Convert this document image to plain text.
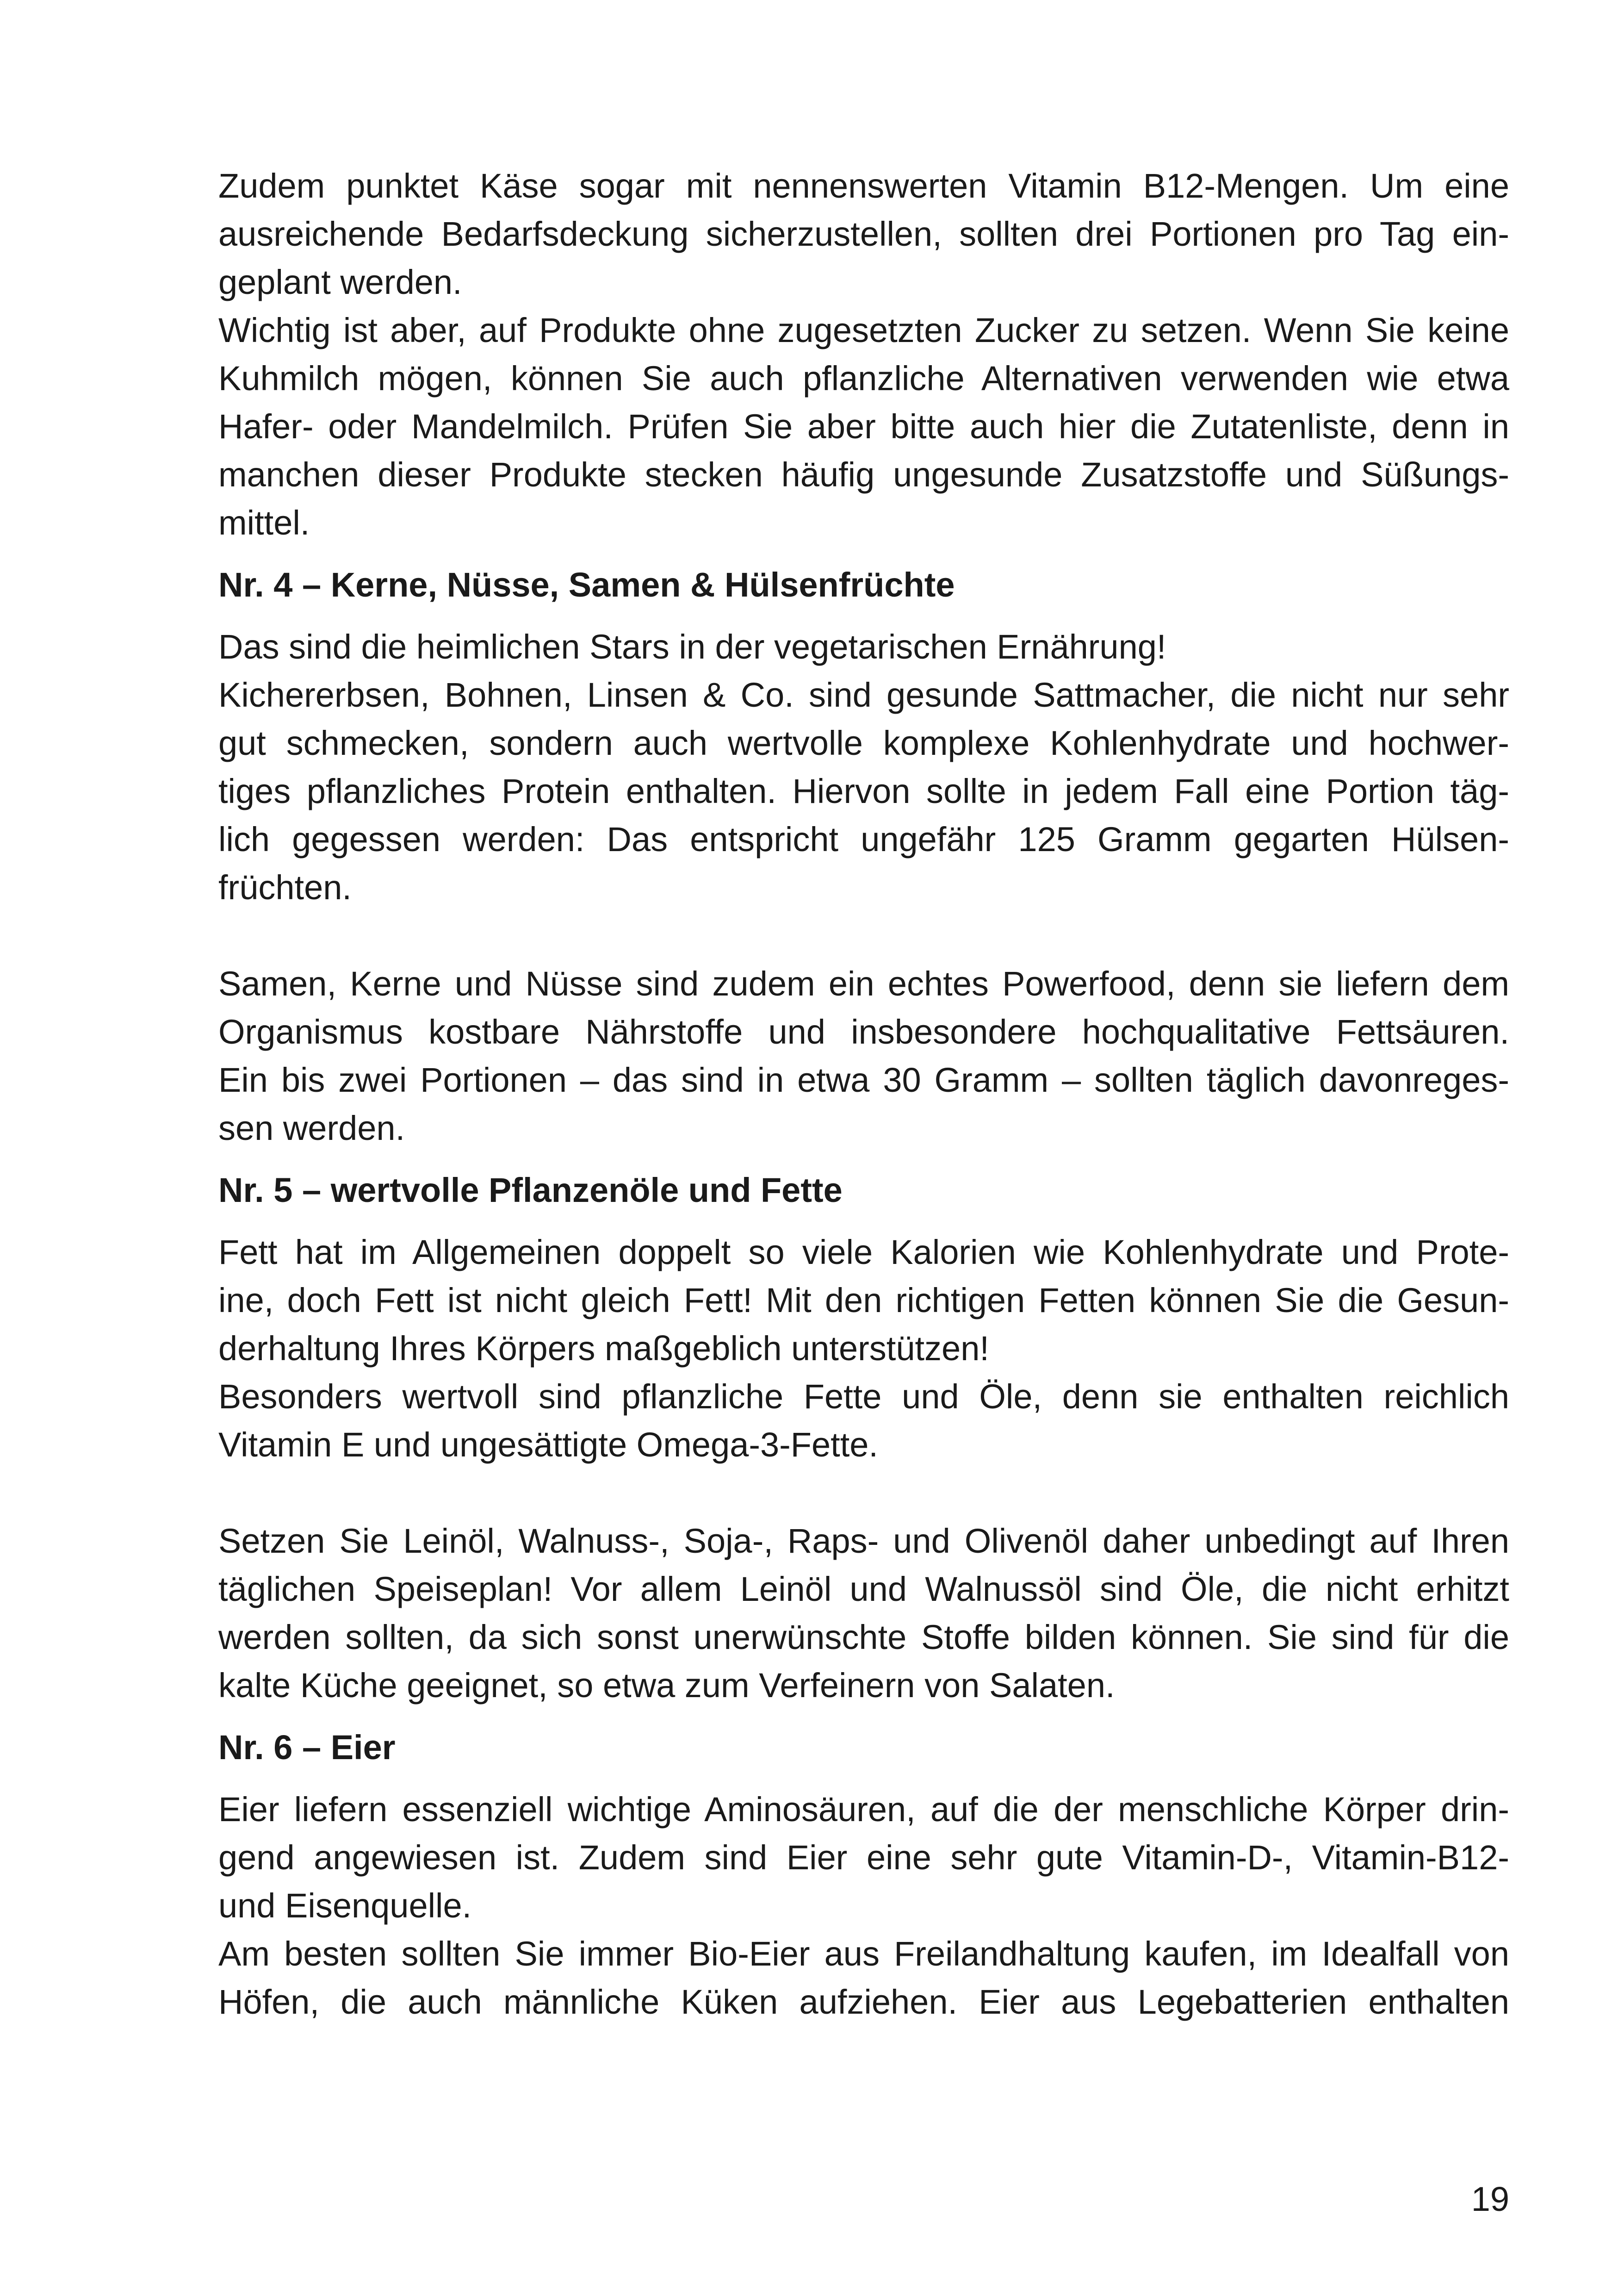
Zudem punktet Käse sogar mit nennenswerten Vitamin B12-Mengen. Um eine
ausreichende Bedarfsdeckung sicherzustellen, sollten drei Portionen pro Tag ein-
geplant werden.

Wichtig ist aber, auf Produkte ohne zugesetzten Zucker zu setzen. Wenn Sie keine
Kuhmilch mögen, können Sie auch pflanzliche Alternativen verwenden wie etwa
Hafer- oder Mandelmilch. Prüfen Sie aber bitte auch hier die Zutatenliste, denn in
manchen dieser Produkte stecken häufig ungesunde Zusatzstoffe und Süßungs-
mittel.

Nr. 4 – Kerne, Nüsse, Samen & Hülsenfrüchte

Das sind die heimlichen Stars in der vegetarischen Ernährung!

Kichererbsen, Bohnen, Linsen & Co. sind gesunde Sattmacher, die nicht nur sehr
gut schmecken, sondern auch wertvolle komplexe Kohlenhydrate und hochwer-
tiges pflanzliches Protein enthalten. Hiervon sollte in jedem Fall eine Portion täg-
lich gegessen werden: Das entspricht ungefähr 125 Gramm gegarten Hülsen-
früchten.

Samen, Kerne und Nüsse sind zudem ein echtes Powerfood, denn sie liefern dem
Organismus kostbare Nährstoffe und insbesondere hochqualitative Fettsäuren.
Ein bis zwei Portionen – das sind in etwa 30 Gramm – sollten täglich davonreges-
sen werden.

Nr. 5 – wertvolle Pflanzenöle und Fette

Fett hat im Allgemeinen doppelt so viele Kalorien wie Kohlenhydrate und Prote-
ine, doch Fett ist nicht gleich Fett! Mit den richtigen Fetten können Sie die Gesun-
derhaltung Ihres Körpers maßgeblich unterstützen!

Besonders wertvoll sind pflanzliche Fette und Öle, denn sie enthalten reichlich
Vitamin E und ungesättigte Omega-3-Fette.

Setzen Sie Leinöl, Walnuss-, Soja-, Raps- und Olivenöl daher unbedingt auf Ihren
täglichen Speiseplan! Vor allem Leinöl und Walnussöl sind Öle, die nicht erhitzt
werden sollten, da sich sonst unerwünschte Stoffe bilden können. Sie sind für die
kalte Küche geeignet, so etwa zum Verfeinern von Salaten.

Nr. 6 – Eier

Eier liefern essenziell wichtige Aminosäuren, auf die der menschliche Körper drin-
gend angewiesen ist. Zudem sind Eier eine sehr gute Vitamin-D-, Vitamin-B12-
und Eisenquelle.

Am besten sollten Sie immer Bio-Eier aus Freilandhaltung kaufen, im Idealfall von
Höfen, die auch männliche Küken aufziehen. Eier aus Legebatterien enthalten

19
